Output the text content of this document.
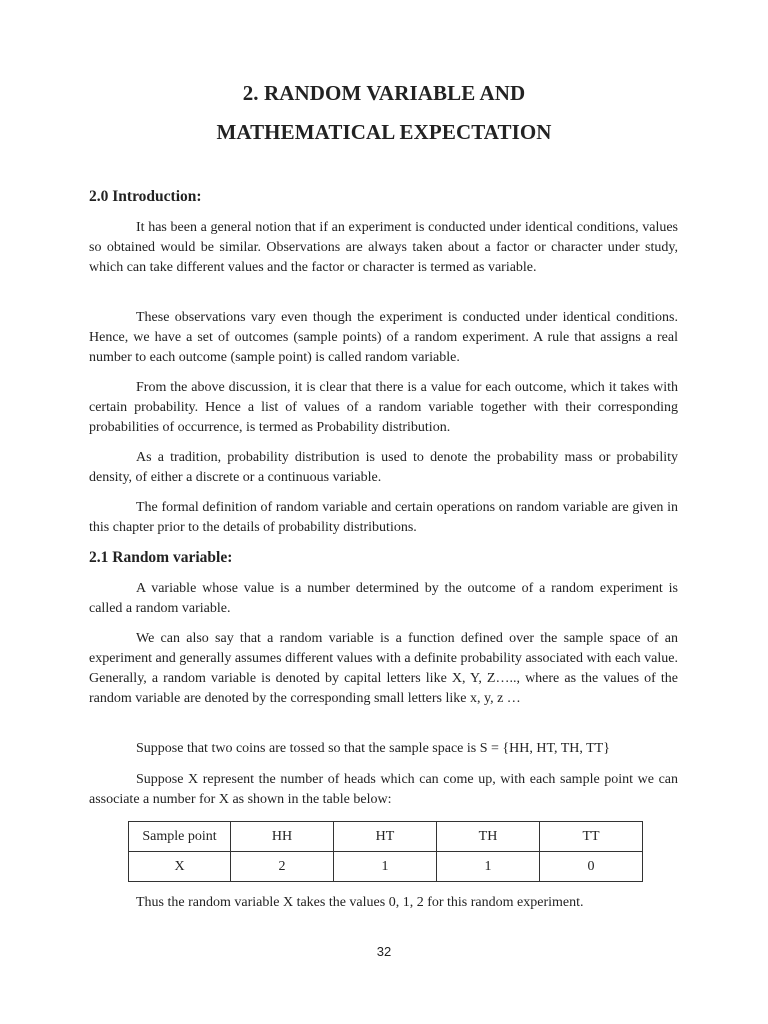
2. RANDOM VARIABLE AND
MATHEMATICAL EXPECTATION
2.0 Introduction:

It has been a general notion that if an experiment is conducted under identical conditions, values so obtained would be similar. Observations are always taken about a factor or character under study, which can take different values and the factor or character is termed as variable.

These observations vary even though the experiment is conducted under identical conditions. Hence, we have a set of outcomes (sample points) of a random experiment. A rule that assigns a real number to each outcome (sample point) is called random variable.

From the above discussion, it is clear that there is a value for each outcome, which it takes with certain probability. Hence a list of values of a random variable together with their corresponding probabilities of occurrence, is termed as Probability distribution.

As a tradition, probability distribution is used to denote the probability mass or probability density, of either a discrete or a continuous variable.

The formal definition of random variable and certain operations on random variable are given in this chapter prior to the details of probability distributions.

2.1 Random variable:

A variable whose value is a number determined by the outcome of a random experiment is called a random variable.

We can also say that a random variable is a function defined over the sample space of an experiment and generally assumes different values with a definite probability associated with each value. Generally, a random variable is denoted by capital letters like X, Y, Z….., where as the values of the random variable are denoted by the corresponding small letters like x, y, z …

Suppose that two coins are tossed so that the sample space is S = {HH, HT, TH, TT}

Suppose X represent the number of heads which can come up, with each sample point we can associate a number for X as shown in the table below:

Sample point	HH	HT	TH	TT
X	2	1	1	0

Thus the random variable X takes the values 0, 1, 2 for this random experiment.

32
